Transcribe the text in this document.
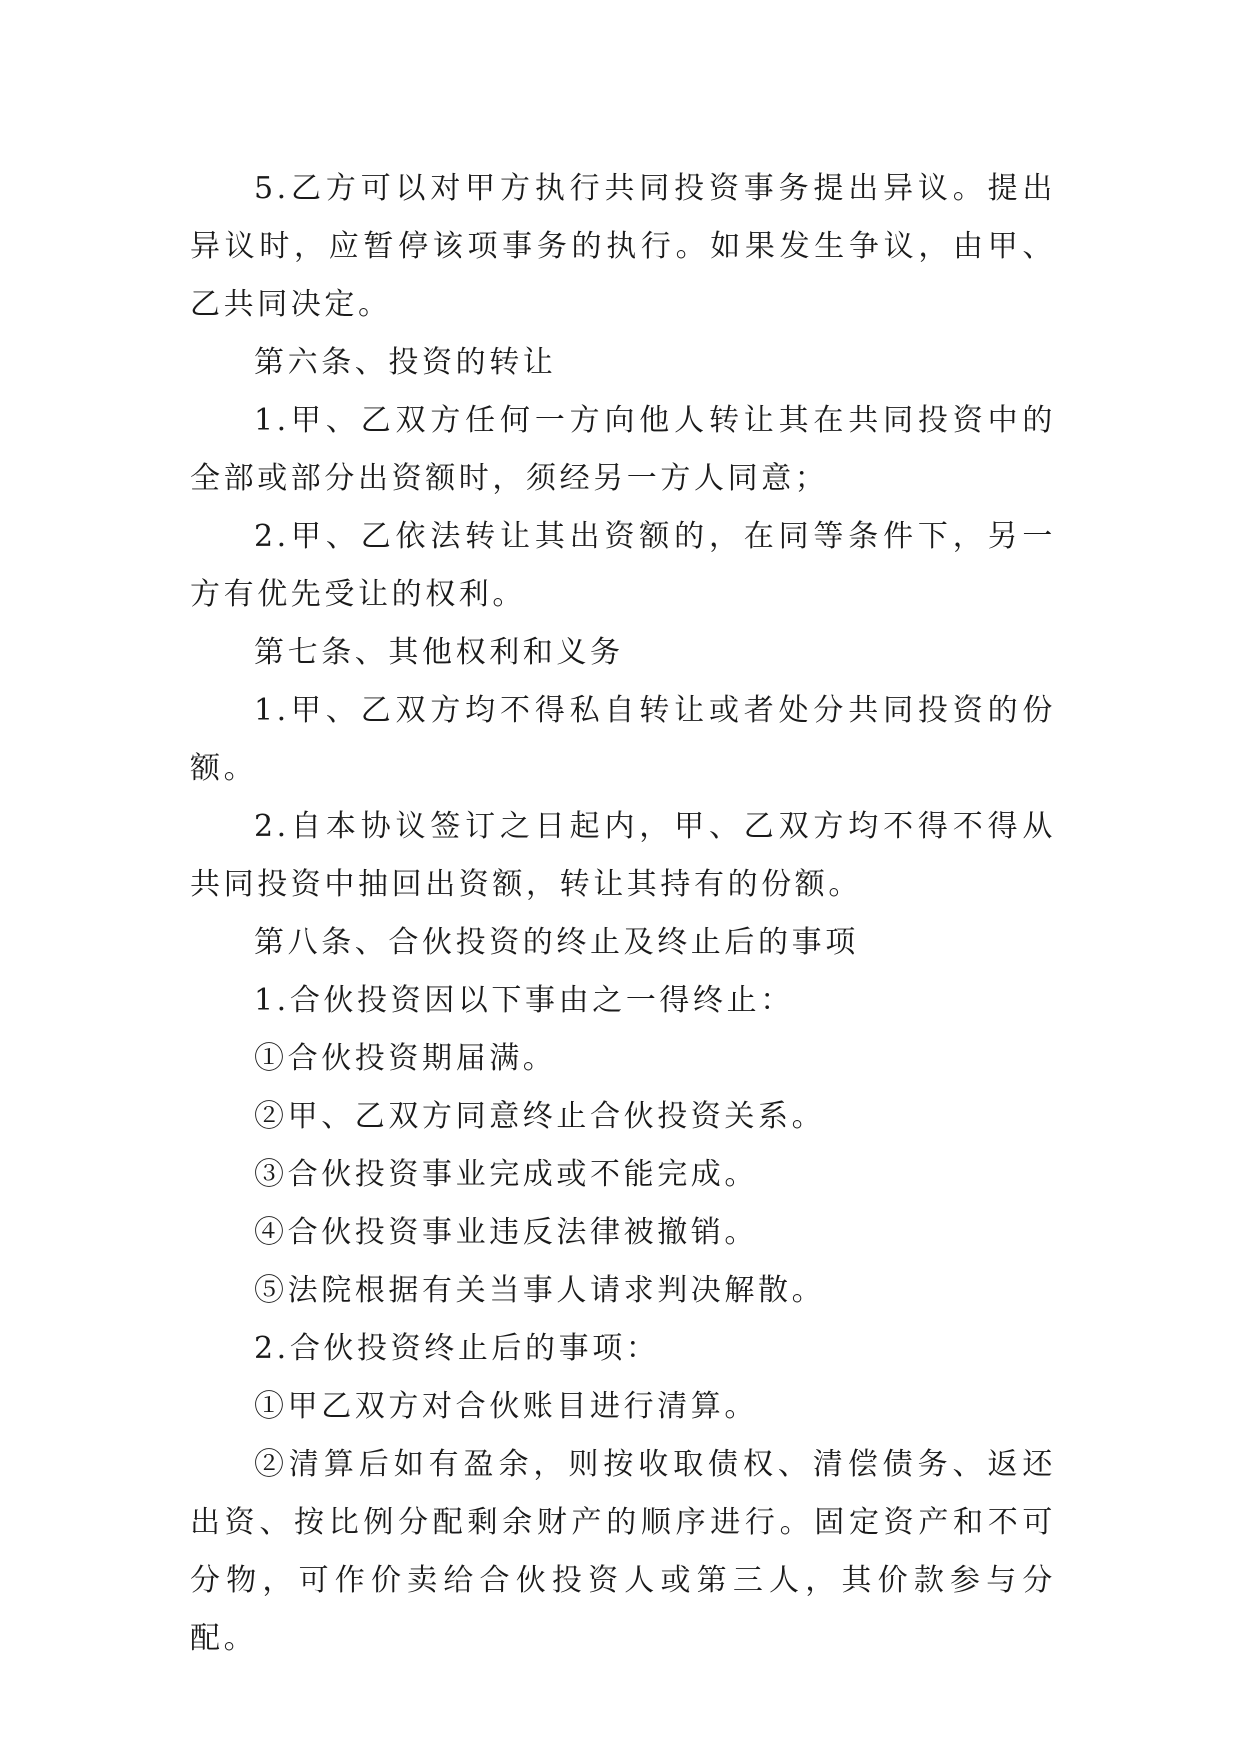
5.乙方可以对甲方执行共同投资事务提出异议。提出异议时，应暂停该项事务的执行。如果发生争议，由甲、乙共同决定。

第六条、投资的转让

1.甲、乙双方任何一方向他人转让其在共同投资中的全部或部分出资额时，须经另一方人同意；

2.甲、乙依法转让其出资额的，在同等条件下，另一方有优先受让的权利。

第七条、其他权利和义务

1.甲、乙双方均不得私自转让或者处分共同投资的份额。

2.自本协议签订之日起内，甲、乙双方均不得不得从共同投资中抽回出资额，转让其持有的份额。

第八条、合伙投资的终止及终止后的事项

1.合伙投资因以下事由之一得终止：

①合伙投资期届满。

②甲、乙双方同意终止合伙投资关系。

③合伙投资事业完成或不能完成。

④合伙投资事业违反法律被撤销。

⑤法院根据有关当事人请求判决解散。

2.合伙投资终止后的事项：

①甲乙双方对合伙账目进行清算。

②清算后如有盈余，则按收取债权、清偿债务、返还出资、按比例分配剩余财产的顺序进行。固定资产和不可分物，可作价卖给合伙投资人或第三人，其价款参与分配。
